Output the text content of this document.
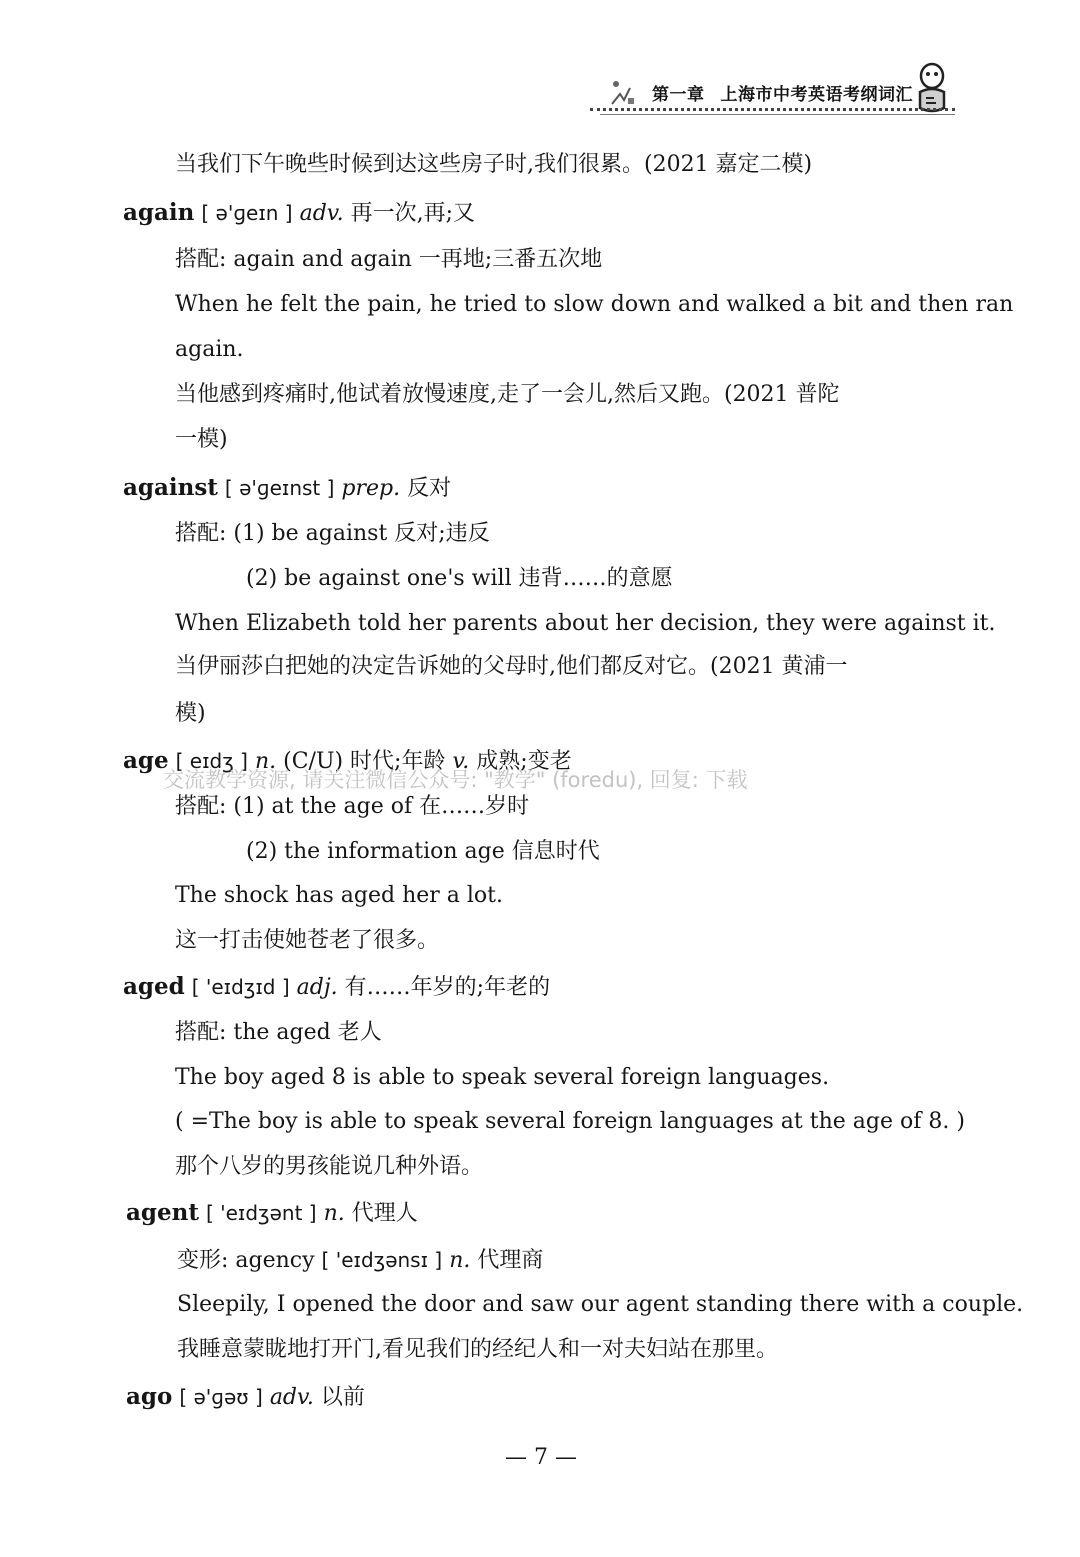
第一章 上海市中考英语考纲词汇
当我们下午晚些时候到达这些房子时,我们很累。(2021 嘉定二模)
again [ ə'ɡeɪn ] adv. 再一次,再;又
搭配: again and again 一再地;三番五次地
When he felt the pain, he tried to slow down and walked a bit and then ran
again.
当他感到疼痛时,他试着放慢速度,走了一会儿,然后又跑。(2021 普陀
一模)
against [ ə'ɡeɪnst ] prep. 反对
搭配: (1) be against 反对;违反
(2) be against one's will 违背……的意愿
When Elizabeth told her parents about her decision, they were against it.
当伊丽莎白把她的决定告诉她的父母时,他们都反对它。(2021 黄浦一
模)
age [ eɪdʒ ] n. (C/U) 时代;年龄 v. 成熟;变老
交流教学资源, 请关注微信公众号: "教学" (foredu), 回复: 下载
搭配: (1) at the age of 在……岁时
(2) the information age 信息时代
The shock has aged her a lot.
这一打击使她苍老了很多。
aged [ 'eɪdʒɪd ] adj. 有……年岁的;年老的
搭配: the aged 老人
The boy aged 8 is able to speak several foreign languages.
( =The boy is able to speak several foreign languages at the age of 8. )
那个八岁的男孩能说几种外语。
agent [ 'eɪdʒənt ] n. 代理人
变形: agency [ 'eɪdʒənsɪ ] n. 代理商
Sleepily, I opened the door and saw our agent standing there with a couple.
我睡意蒙眬地打开门,看见我们的经纪人和一对夫妇站在那里。
ago [ ə'ɡəʊ ] adv. 以前
— 7 —
